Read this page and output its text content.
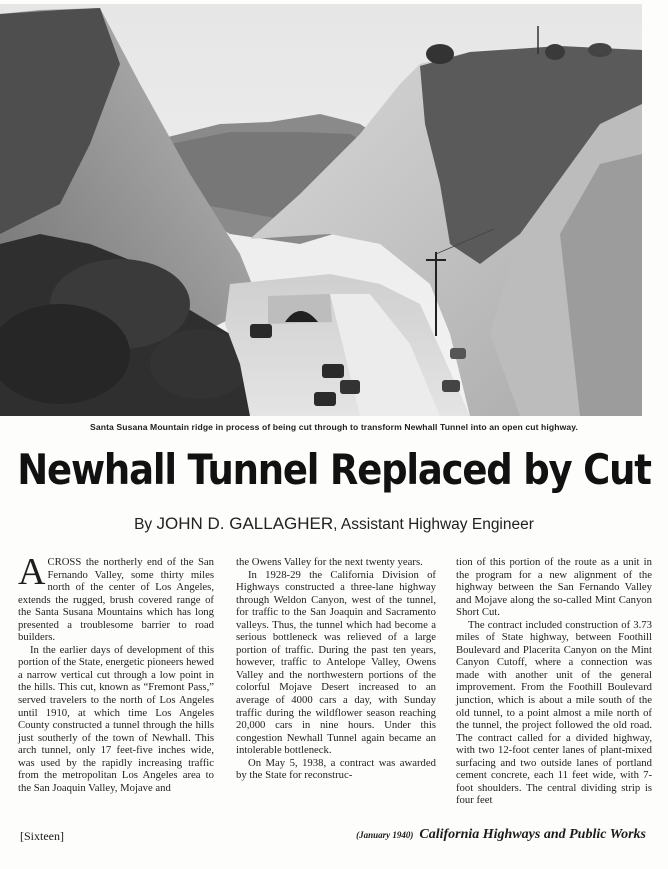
Santa Susana Mountain ridge in process of being cut through to transform Newhall Tunnel into an open cut highway.
Newhall Tunnel Replaced by Cut
By JOHN D. GALLAGHER, Assistant Highway Engineer

ACROSS the northerly end of the San Fernando Valley, some thirty miles north of the center of Los Angeles, extends the rugged, brush covered range of the Santa Susana Mountains which has long presented a troublesome barrier to road builders.

In the earlier days of development of this portion of the State, energetic pioneers hewed a narrow vertical cut through a low point in the hills. This cut, known as “Fremont Pass,” served travelers to the north of Los Angeles until 1910, at which time Los Angeles County constructed a tunnel through the hills just southerly of the town of Newhall. This arch tunnel, only 17 feet-five inches wide, was used by the rapidly increasing traffic from the metropolitan Los Angeles area to the San Joaquin Valley, Mojave and

the Owens Valley for the next twenty years.

In 1928-29 the California Division of Highways constructed a three-lane highway through Weldon Canyon, west of the tunnel, for traffic to the San Joaquin and Sacramento valleys. Thus, the tunnel which had become a serious bottleneck was relieved of a large portion of traffic. During the past ten years, however, traffic to Antelope Valley, Owens Valley and the northwestern portions of the colorful Mojave Desert increased to an average of 4000 cars a day, with Sunday traffic during the wildflower season reaching 20,000 cars in nine hours. Under this congestion Newhall Tunnel again became an intolerable bottleneck.

On May 5, 1938, a contract was awarded by the State for reconstruc-

tion of this portion of the route as a unit in the program for a new alignment of the highway between the San Fernando Valley and Mojave along the so-called Mint Canyon Short Cut.

The contract included construction of 3.73 miles of State highway, between Foothill Boulevard and Placerita Canyon on the Mint Canyon Cutoff, where a connection was made with another unit of the general improvement. From the Foothill Boulevard junction, which is about a mile south of the old tunnel, to a point almost a mile north of the tunnel, the project followed the old road. The contract called for a divided highway, with two 12-foot center lanes of plant-mixed surfacing and two outside lanes of portland cement concrete, each 11 feet wide, with 7-foot shoulders. The central dividing strip is four feet

[Sixteen]	(January 1940) California Highways and Public Works
